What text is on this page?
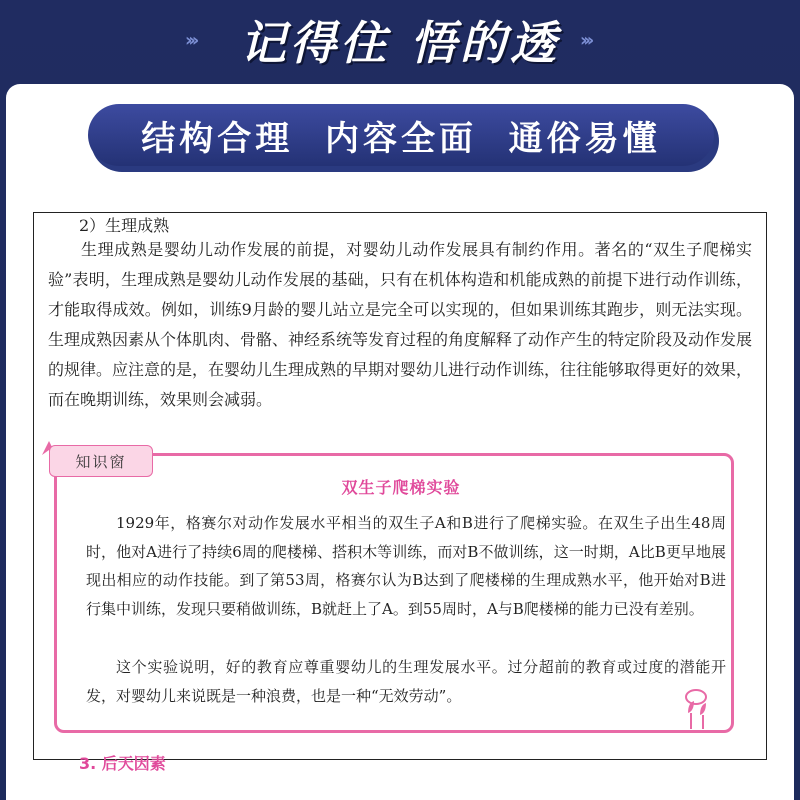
记得住 悟的透
›››	›››
结构合理  内容全面  通俗易懂
2）生理成熟
生理成熟是婴幼儿动作发展的前提，对婴幼儿动作发展具有制约作用。著名的“双生子爬梯实验”表明，生理成熟是婴幼儿动作发展的基础，只有在机体构造和机能成熟的前提下进行动作训练，才能取得成效。例如，训练9月龄的婴儿站立是完全可以实现的，但如果训练其跑步，则无法实现。生理成熟因素从个体肌肉、骨骼、神经系统等发育过程的角度解释了动作产生的特定阶段及动作发展的规律。应注意的是，在婴幼儿生理成熟的早期对婴幼儿进行动作训练，往往能够取得更好的效果，而在晚期训练，效果则会减弱。
知识窗
双生子爬梯实验
1929年，格赛尔对动作发展水平相当的双生子A和B进行了爬梯实验。在双生子出生48周时，他对A进行了持续6周的爬楼梯、搭积木等训练，而对B不做训练，这一时期，A比B更早地展现出相应的动作技能。到了第53周，格赛尔认为B达到了爬楼梯的生理成熟水平，他开始对B进行集中训练，发现只要稍做训练，B就赶上了A。到55周时，A与B爬楼梯的能力已没有差别。
这个实验说明，好的教育应尊重婴幼儿的生理发展水平。过分超前的教育或过度的潜能开发，对婴幼儿来说既是一种浪费，也是一种“无效劳动”。
3. 后天因素
